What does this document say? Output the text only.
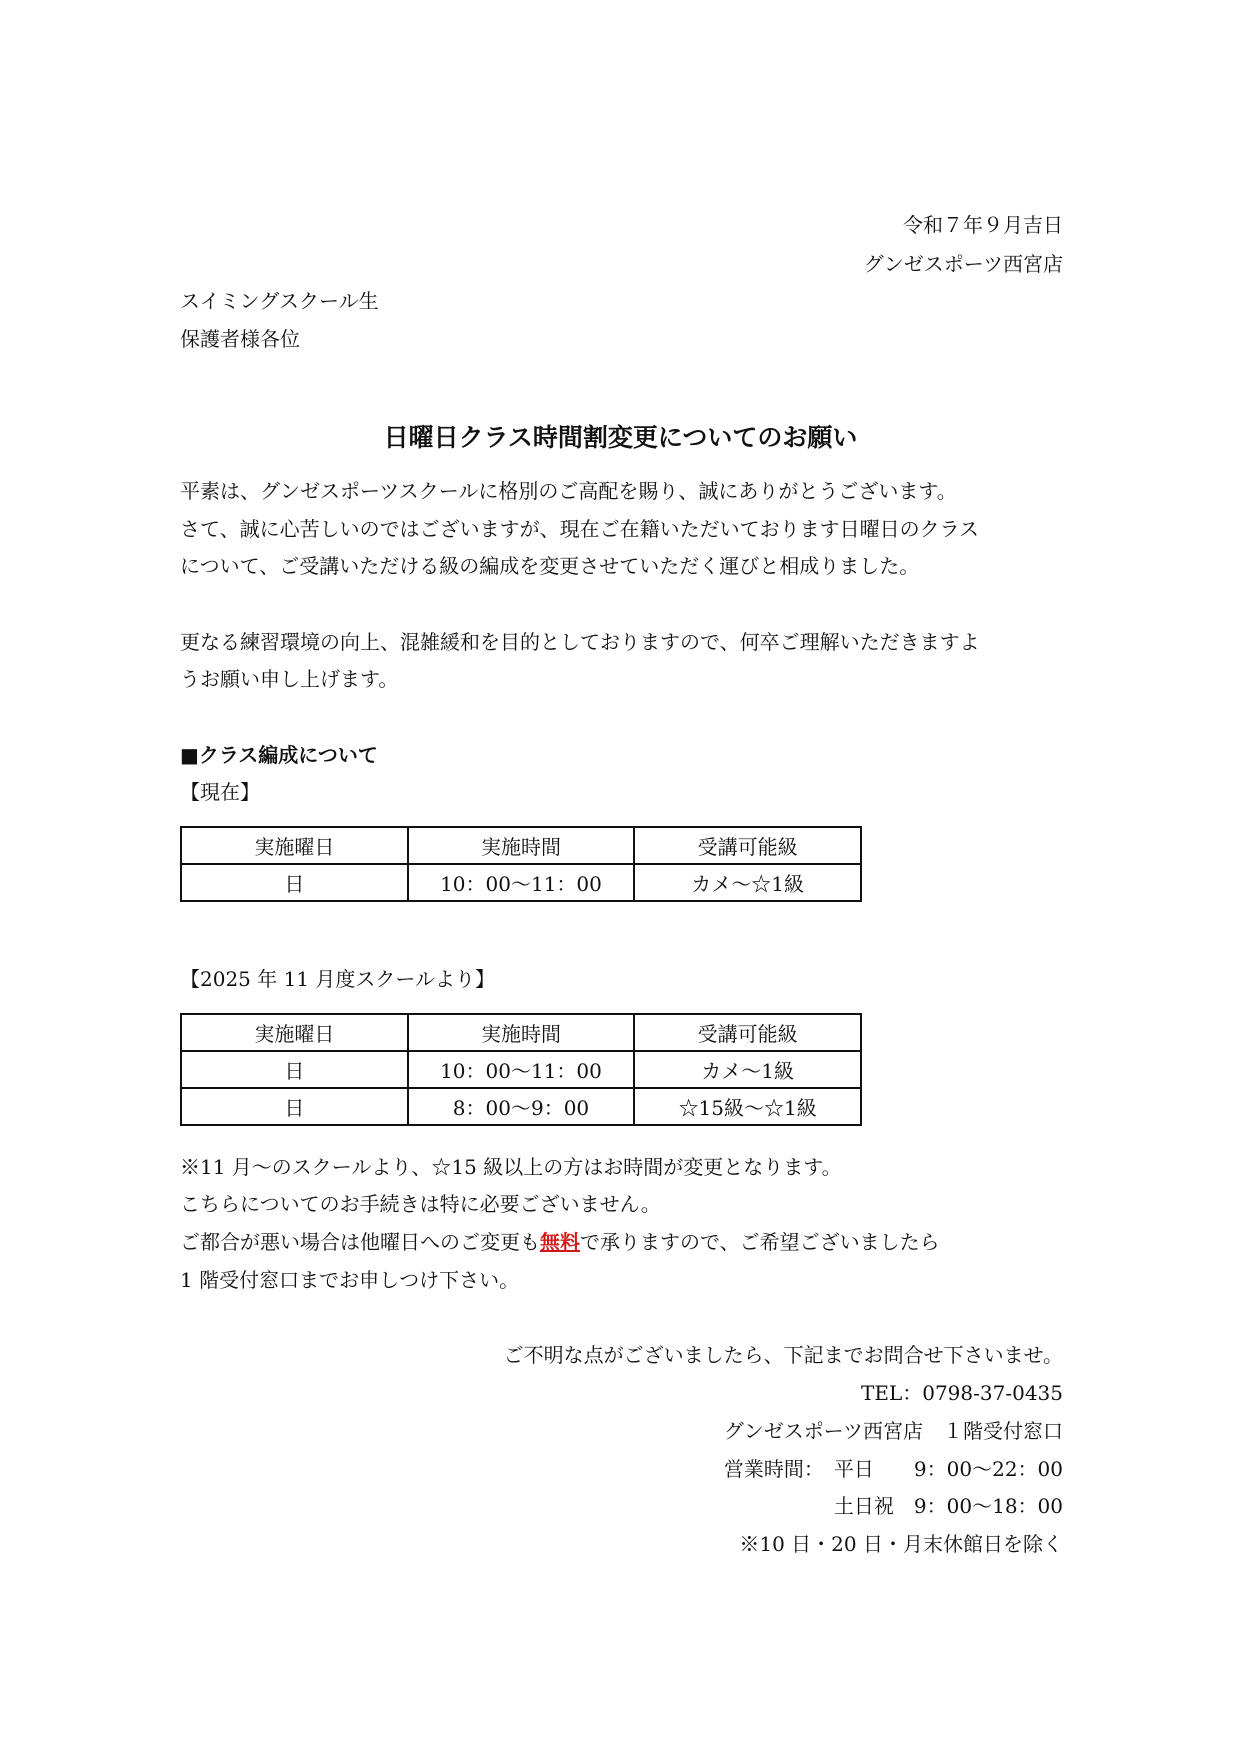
令和７年９月吉日
グンゼスポーツ西宮店
スイミングスクール生
保護者様各位
日曜日クラス時間割変更についてのお願い
平素は、グンゼスポーツスクールに格別のご高配を賜り、誠にありがとうございます。
さて、誠に心苦しいのではございますが、現在ご在籍いただいております日曜日のクラス
について、ご受講いただける級の編成を変更させていただく運びと相成りました。
更なる練習環境の向上、混雑緩和を目的としておりますので、何卒ご理解いただきますよ
うお願い申し上げます。
■クラス編成について
【現在】
実施曜日	実施時間	受講可能級
日	10：00～11：00	カメ～☆1級
【2025 年 11 月度スクールより】
実施曜日	実施時間	受講可能級
日	10：00～11：00	カメ～1級
日	8：00～9：00	☆15級～☆1級
※11 月～のスクールより、☆15 級以上の方はお時間が変更となります。
こちらについてのお手続きは特に必要ございません。
ご都合が悪い場合は他曜日へのご変更も無料で承りますので、ご希望ございましたら
1 階受付窓口までお申しつけ下さい。
ご不明な点がございましたら、下記までお問合せ下さいませ。
TEL：0798-37-0435
グンゼスポーツ西宮店　１階受付窓口
営業時間：　平日　　9：00～22：00
土日祝　9：00～18：00
※10 日・20 日・月末休館日を除く
